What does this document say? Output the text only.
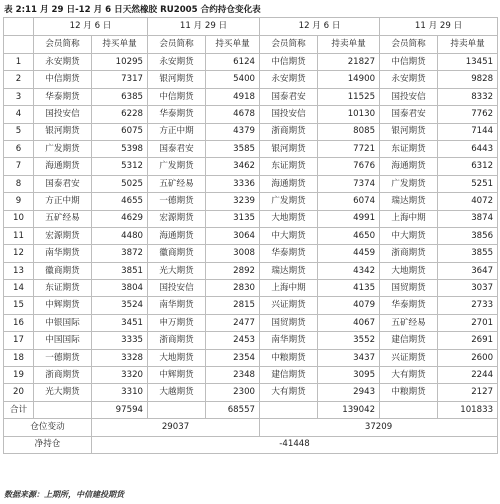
表 2:11 月 29 日-12 月 6 日天然橡胶 RU2005 合约持仓变化表
	12 月 6 日		11 月 29 日		12 月 6 日		11 月 29 日	
	会员简称	持买单量	会员简称	持买单量	会员简称	持卖单量	会员简称	持卖单量
1	永安期货	10295	永安期货	6124	中信期货	21827	中信期货	13451
2	中信期货	7317	银河期货	5400	永安期货	14900	永安期货	9828
3	华泰期货	6385	中信期货	4918	国泰君安	11525	国投安信	8332
4	国投安信	6228	华泰期货	4678	国投安信	10130	国泰君安	7762
5	银河期货	6075	方正中期	4379	浙商期货	8085	银河期货	7144
6	广发期货	5398	国泰君安	3585	银河期货	7721	东证期货	6443
7	海通期货	5312	广发期货	3462	东证期货	7676	海通期货	6312
8	国泰君安	5025	五矿经易	3336	海通期货	7374	广发期货	5251
9	方正中期	4655	一德期货	3239	广发期货	6074	瑞达期货	4072
10	五矿经易	4629	宏源期货	3135	大地期货	4991	上海中期	3874
11	宏源期货	4480	海通期货	3064	中大期货	4650	中大期货	3856
12	南华期货	3872	徽商期货	3008	华泰期货	4459	浙商期货	3855
13	徽商期货	3851	光大期货	2892	瑞达期货	4342	大地期货	3647
14	东证期货	3804	国投安信	2830	上海中期	4135	国贸期货	3037
15	中辉期货	3524	南华期货	2815	兴证期货	4079	华泰期货	2733
16	中银国际	3451	申万期货	2477	国贸期货	4067	五矿经易	2701
17	中国国际	3335	浙商期货	2453	南华期货	3552	建信期货	2691
18	一德期货	3328	大地期货	2354	中粮期货	3437	兴证期货	2600
19	浙商期货	3320	中辉期货	2348	建信期货	3095	大有期货	2244
20	光大期货	3310	大越期货	2300	大有期货	2943	中粮期货	2127
合计		97594		68557		139042		101833
仓位变动		29037			37209			
净持仓		-41448						
数据来源：上期所，中信建投期货
